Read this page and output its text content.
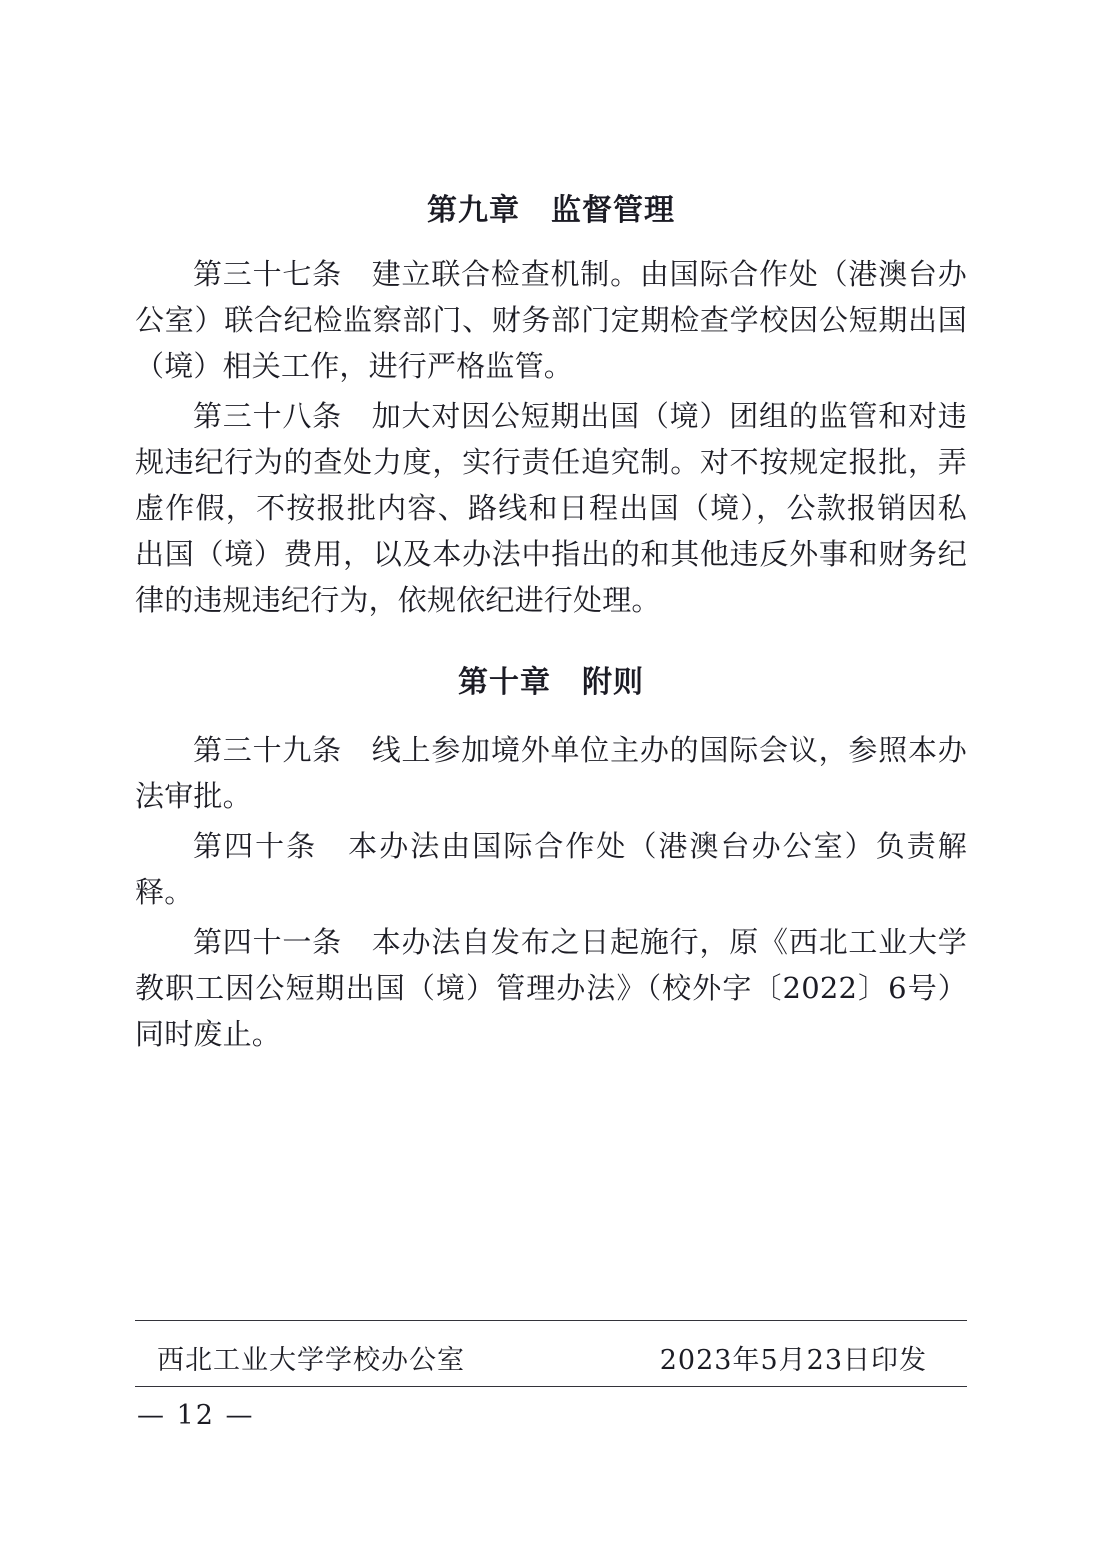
第九章　监督管理

第三十七条　建立联合检查机制。由国际合作处（港澳台办公室）联合纪检监察部门、财务部门定期检查学校因公短期出国（境）相关工作，进行严格监管。

第三十八条　加大对因公短期出国（境）团组的监管和对违规违纪行为的查处力度，实行责任追究制。对不按规定报批，弄虚作假，不按报批内容、路线和日程出国（境），公款报销因私出国（境）费用，以及本办法中指出的和其他违反外事和财务纪律的违规违纪行为，依规依纪进行处理。

第十章　附则

第三十九条　线上参加境外单位主办的国际会议，参照本办法审批。

第四十条　本办法由国际合作处（港澳台办公室）负责解释。

第四十一条　本办法自发布之日起施行，原《西北工业大学教职工因公短期出国（境）管理办法》（校外字〔2022〕6号）同时废止。

西北工业大学学校办公室	2023年5月23日印发
— 12 —
